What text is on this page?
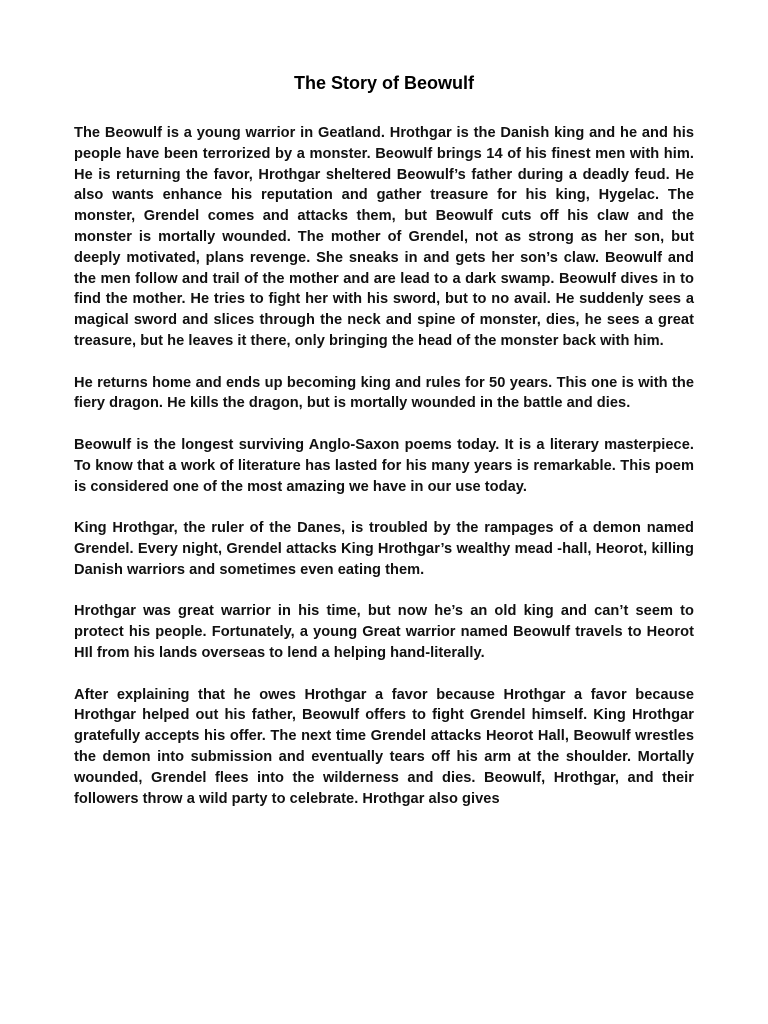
The Story of Beowulf

The Beowulf is a young warrior in Geatland. Hrothgar is the Danish king and he and his people have been terrorized by a monster. Beowulf brings 14 of his finest men with him. He is returning the favor, Hrothgar sheltered Beowulf’s father during a deadly feud. He also wants enhance his reputation and gather treasure for his king, Hygelac. The monster, Grendel comes and attacks them, but Beowulf cuts off his claw and the monster is mortally wounded. The mother of Grendel, not as strong as her son, but deeply motivated, plans revenge. She sneaks in and gets her son’s claw. Beowulf and the men follow and trail of the mother and are lead to a dark swamp. Beowulf dives in to find the mother. He tries to fight her with his sword, but to no avail. He suddenly sees a magical sword and slices through the neck and spine of monster, dies, he sees a great treasure, but he leaves it there, only bringing the head of the monster back with him.

He returns home and ends up becoming king and rules for 50 years. This one is with the fiery dragon. He kills the dragon, but is mortally wounded in the battle and dies.

Beowulf is the longest surviving Anglo-Saxon poems today. It is a literary masterpiece. To know that a work of literature has lasted for his many years is remarkable. This poem is considered one of the most amazing we have in our use today.

King Hrothgar, the ruler of the Danes, is troubled by the rampages of a demon named Grendel. Every night, Grendel attacks King Hrothgar’s wealthy mead -hall, Heorot, killing Danish warriors and sometimes even eating them.

Hrothgar was great warrior in his time, but now he’s an old king and can’t seem to protect his people. Fortunately, a young Great warrior named Beowulf travels to Heorot HIl from his lands overseas to lend a helping hand-literally.

After explaining that he owes Hrothgar a favor because Hrothgar a favor because Hrothgar helped out his father, Beowulf offers to fight Grendel himself. King Hrothgar gratefully accepts his offer. The next time Grendel attacks Heorot Hall, Beowulf wrestles the demon into submission and eventually tears off his arm at the shoulder. Mortally wounded, Grendel flees into the wilderness and dies. Beowulf, Hrothgar, and their followers throw a wild party to celebrate. Hrothgar also gives
